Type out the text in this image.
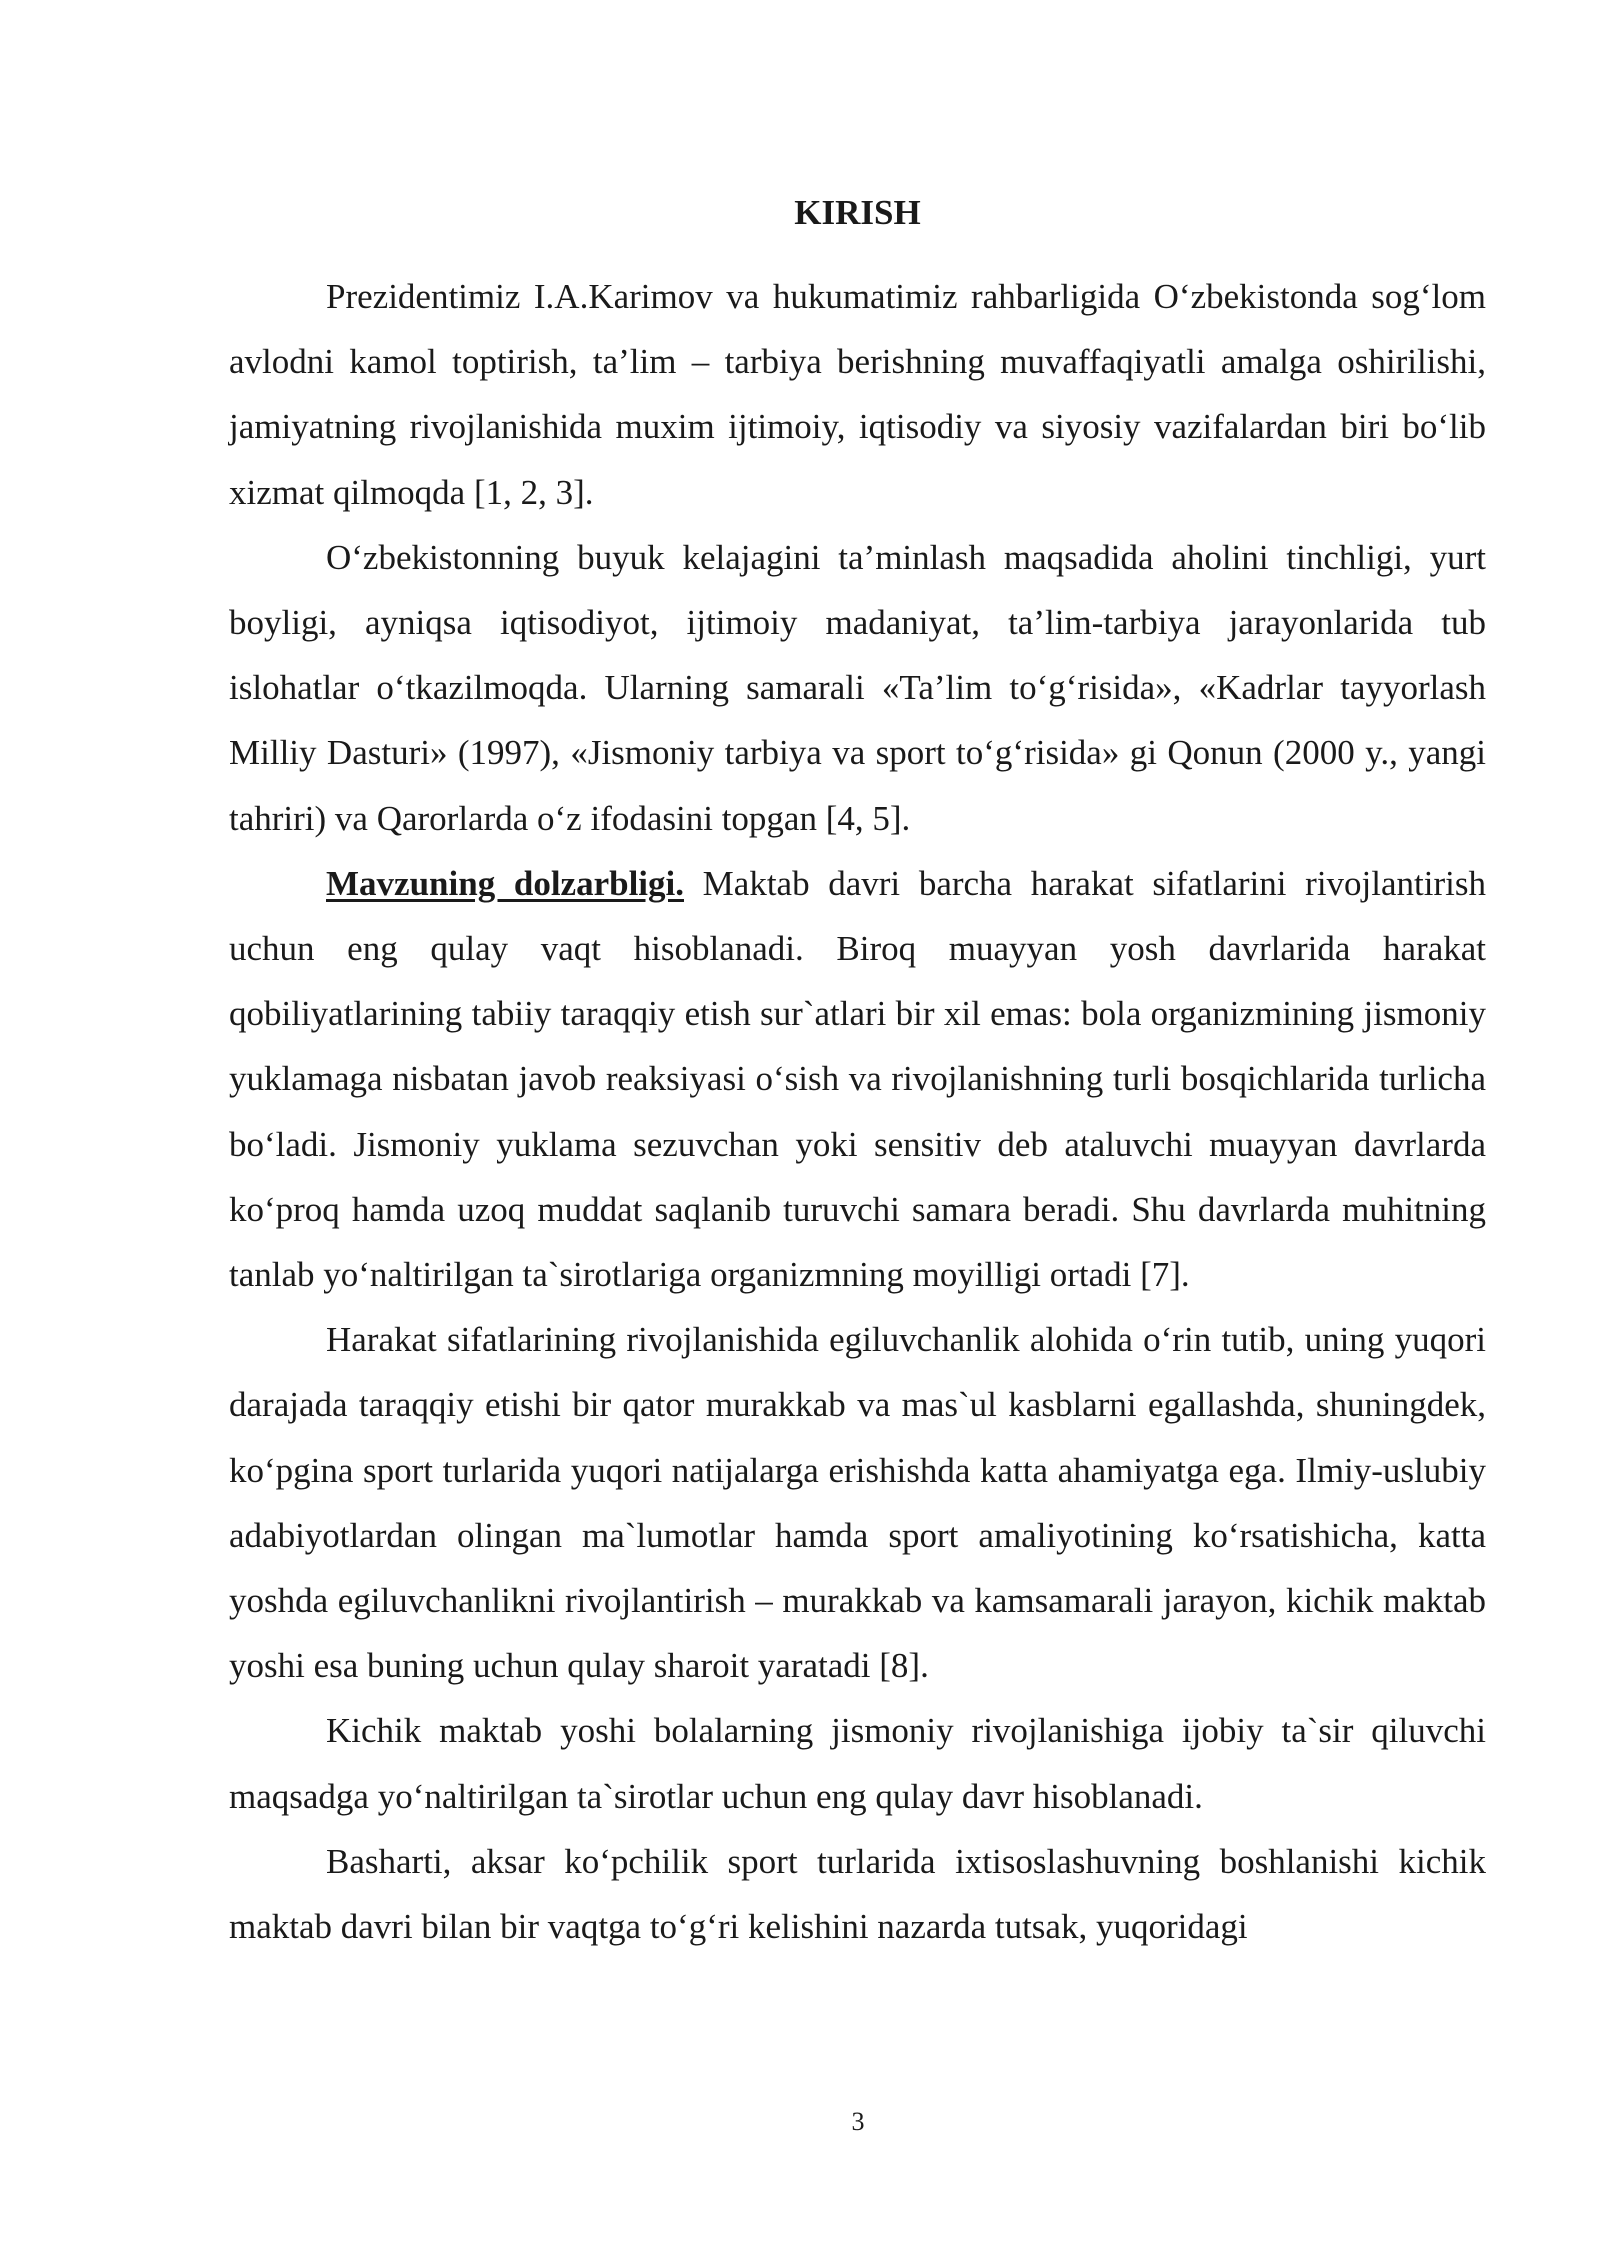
KIRISH

Prezidentimiz I.A.Karimov va hukumatimiz rahbarligida O‘zbekistonda sog‘lom avlodni kamol toptirish, ta’lim – tarbiya berishning muvaffaqiyatli amalga oshirilishi, jamiyatning rivojlanishida muxim ijtimoiy, iqtisodiy va siyosiy vazifalardan biri bo‘lib xizmat qilmoqda [1, 2, 3].

O‘zbekistonning buyuk kelajagini ta’minlash maqsadida aholini tinchligi, yurt boyligi, ayniqsa iqtisodiyot, ijtimoiy madaniyat, ta’lim-tarbiya jarayonlarida tub islohatlar o‘tkazilmoqda. Ularning samarali «Ta’lim to‘g‘risida», «Kadrlar tayyorlash Milliy Dasturi» (1997), «Jismoniy tarbiya va sport to‘g‘risida» gi Qonun (2000 y., yangi tahriri) va Qarorlarda o‘z ifodasini topgan [4, 5].

Mavzuning dolzarbligi. Maktab davri barcha harakat sifatlarini rivojlantirish uchun eng qulay vaqt hisoblanadi. Biroq muayyan yosh davrlarida harakat qobiliyatlarining tabiiy taraqqiy etish sur`atlari bir xil emas: bola organizmining jismoniy yuklamaga nisbatan javob reaksiyasi o‘sish va rivojlanishning turli bosqichlarida turlicha bo‘ladi. Jismoniy yuklama sezuvchan yoki sensitiv deb ataluvchi muayyan davrlarda ko‘proq hamda uzoq muddat saqlanib turuvchi samara beradi. Shu davrlarda muhitning tanlab yo‘naltirilgan ta`sirotlariga organizmning moyilligi ortadi [7].

Harakat sifatlarining rivojlanishida egiluvchanlik alohida o‘rin tutib, uning yuqori darajada taraqqiy etishi bir qator murakkab va mas`ul kasblarni egallashda, shuningdek, ko‘pgina sport turlarida yuqori natijalarga erishishda katta ahamiyatga ega. Ilmiy-uslubiy adabiyotlardan olingan ma`lumotlar hamda sport amaliyotining ko‘rsatishicha, katta yoshda egiluvchanlikni rivojlantirish – murakkab va kamsamarali jarayon, kichik maktab yoshi esa buning uchun qulay sharoit yaratadi [8].

Kichik maktab yoshi bolalarning jismoniy rivojlanishiga ijobiy ta`sir qiluvchi maqsadga yo‘naltirilgan ta`sirotlar uchun eng qulay davr hisoblanadi.

Basharti, aksar ko‘pchilik sport turlarida ixtisoslashuvning boshlanishi kichik maktab davri bilan bir vaqtga to‘g‘ri kelishini nazarda tutsak, yuqoridagi

3
